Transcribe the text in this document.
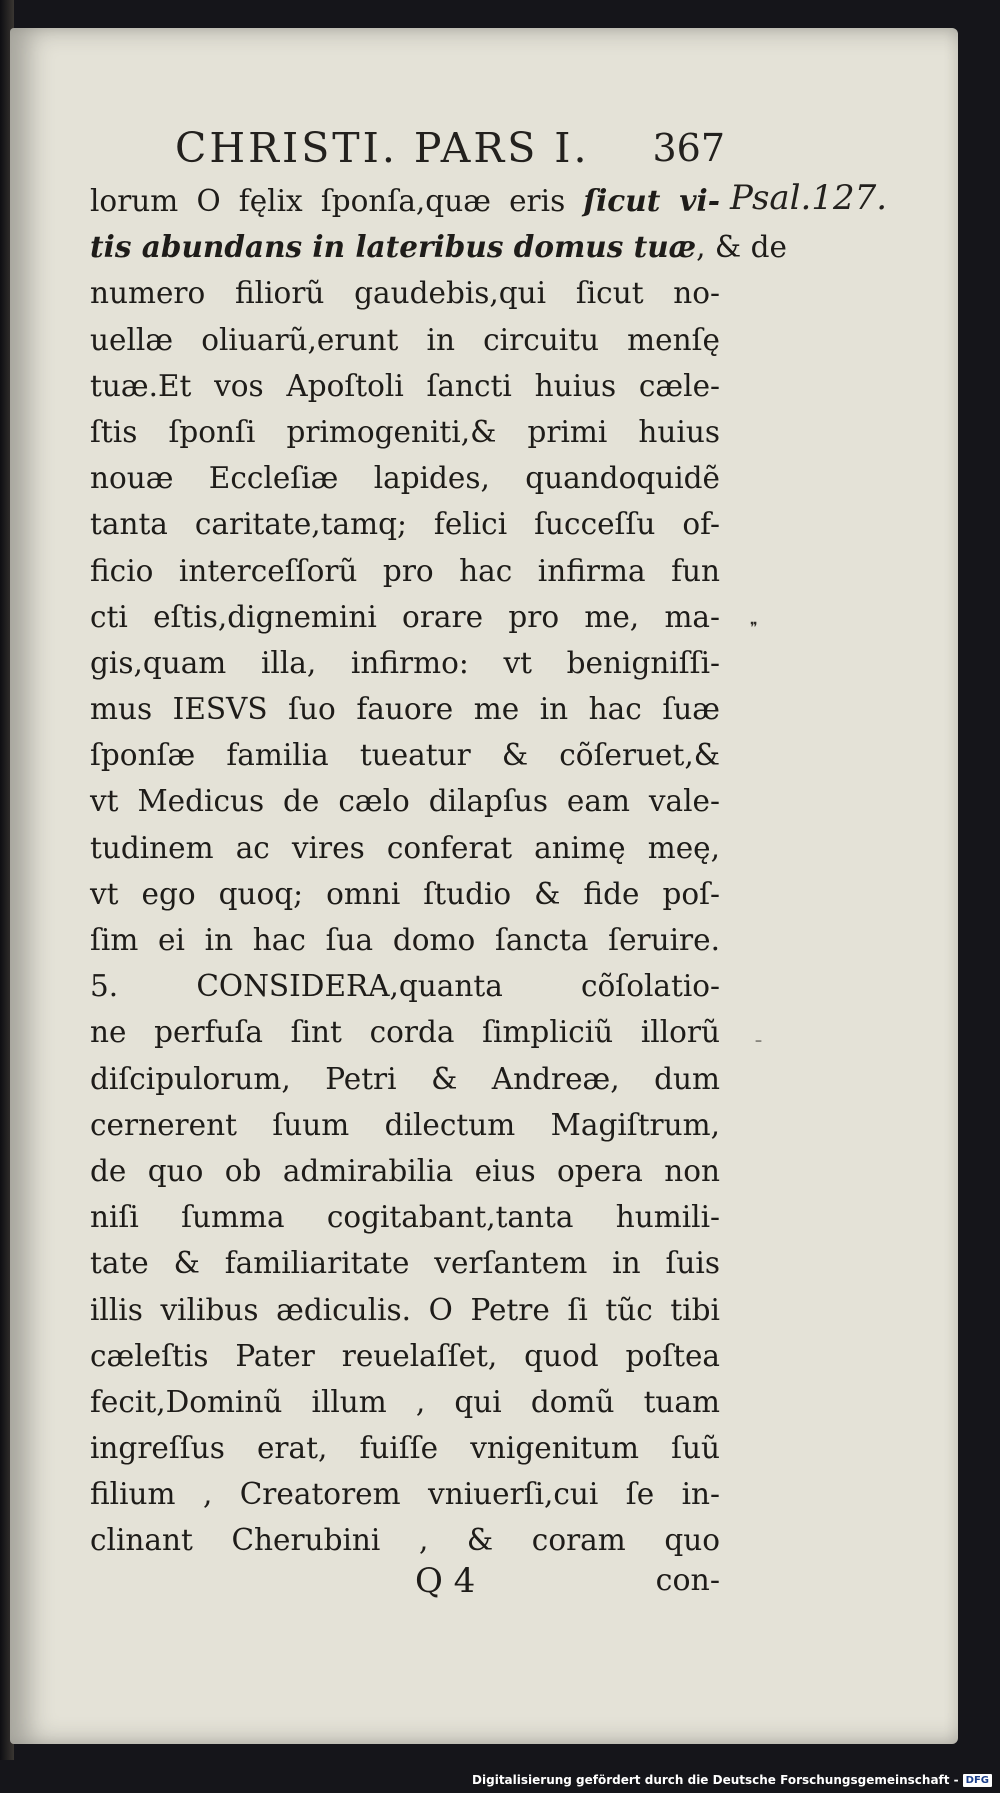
CHRISTI. PARS I. 367
Psal.127.
lorum O fęlix ſponſa,quæ eris ſicut vi-
tis abundans in lateribus domus tuæ, & de
numero filiorũ gaudebis,qui ſicut no-
uellæ oliuarũ,erunt in circuitu menſę
tuæ.Et vos Apoſtoli ſancti huius cæle-
ſtis ſponſi primogeniti,& primi huius
nouæ Eccleſiæ lapides, quandoquidẽ
tanta caritate,tamq; felici ſucceſſu of-
ficio interceſſorũ pro hac infirma fun
cti eſtis,dignemini orare pro me, ma-
gis,quam illa, infirmo: vt benigniſſi-
mus IESVS ſuo fauore me in hac ſuæ
ſponſæ familia tueatur & cõſeruet,&
vt Medicus de cælo dilapſus eam vale-
tudinem ac vires conferat animę meę,
vt ego quoq; omni ſtudio & fide poſ-
ſim ei in hac ſua domo ſancta ſeruire.
5. CONSIDERA,quanta cõſolatio-
ne perfuſa ſint corda ſimpliciũ illorũ
diſcipulorum, Petri & Andreæ, dum
cernerent ſuum dilectum Magiſtrum,
de quo ob admirabilia eius opera non
niſi ſumma cogitabant,tanta humili-
tate & familiaritate verſantem in ſuis
illis vilibus ædiculis. O Petre ſi tũc tibi
cæleſtis Pater reuelaſſet, quod poſtea
fecit,Dominũ illum , qui domũ tuam
ingreſſus erat, fuiſſe vnigenitum ſuũ
filium , Creatorem vniuerſi,cui ſe in-
clinant Cherubini , & coram quo
Q 4	con-
❞
–
Digitalisierung gefördert durch die Deutsche Forschungsgemeinschaft - DFG
